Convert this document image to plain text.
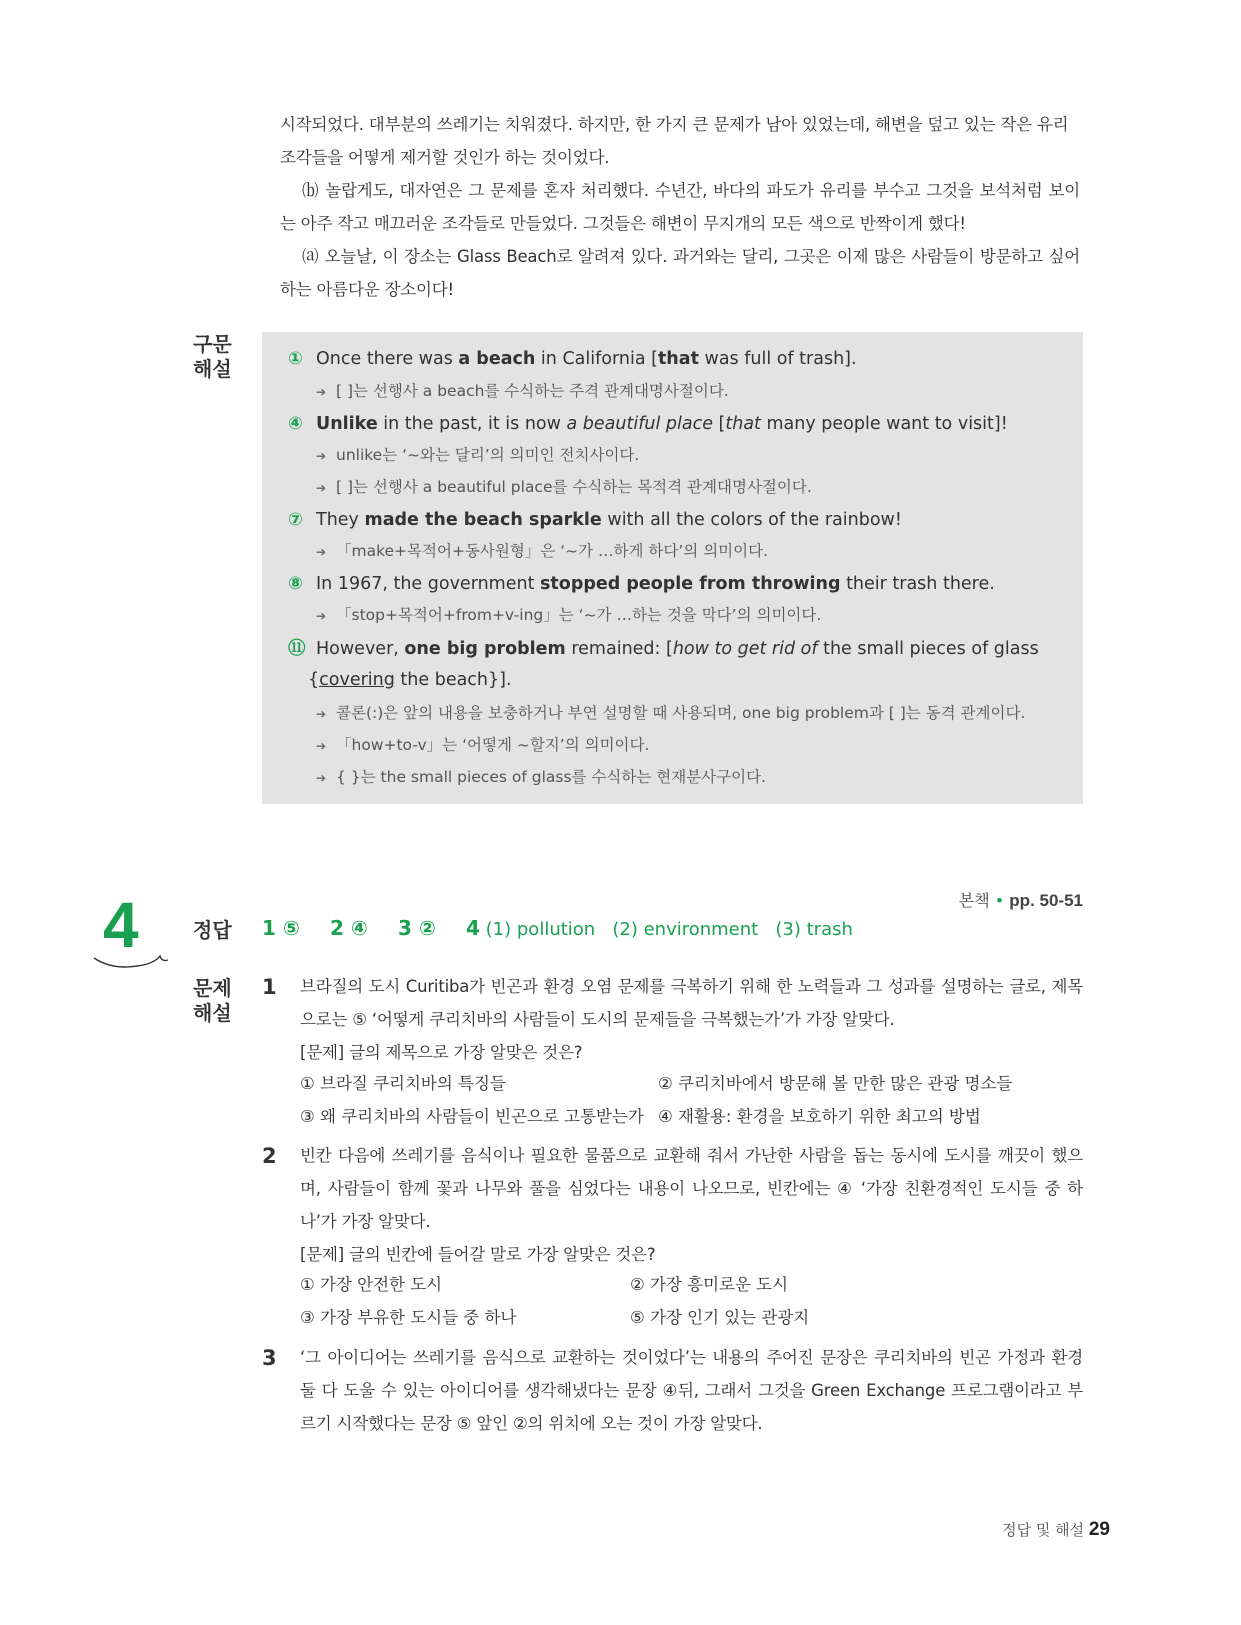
시작되었다. 대부분의 쓰레기는 치워졌다. 하지만, 한 가지 큰 문제가 남아 있었는데, 해변을 덮고 있는 작은 유리

조각들을 어떻게 제거할 것인가 하는 것이었다.

⒝ 놀랍게도, 대자연은 그 문제를 혼자 처리했다. 수년간, 바다의 파도가 유리를 부수고 그것을 보석처럼 보이는 아주 작고 매끄러운 조각들로 만들었다. 그것들은 해변이 무지개의 모든 색으로 반짝이게 했다!

⒜ 오늘날, 이 장소는 Glass Beach로 알려져 있다. 과거와는 달리, 그곳은 이제 많은 사람들이 방문하고 싶어하는 아름다운 장소이다!

구문
해설	① Once there was a beach in California [that was full of trash].
➔ [ ]는 선행사 a beach를 수식하는 주격 관계대명사절이다.
④ Unlike in the past, it is now a beautiful place [that many people want to visit]!
➔ unlike는 ‘~와는 달리’의 의미인 전치사이다.
➔ [ ]는 선행사 a beautiful place를 수식하는 목적격 관계대명사절이다.
⑦ They made the beach sparkle with all the colors of the rainbow!
➔ 「make+목적어+동사원형」은 ‘~가 …하게 하다’의 의미이다.
⑧ In 1967, the government stopped people from throwing their trash there.
➔ 「stop+목적어+from+v-ing」는 ‘~가 …하는 것을 막다’의 의미이다.
⑪ However, one big problem remained: [how to get rid of the small pieces of glass
{covering the beach}].
➔ 콜론(:)은 앞의 내용을 보충하거나 부연 설명할 때 사용되며, one big problem과 [ ]는 동격 관계이다.
➔ 「how+to-v」는 ‘어떻게 ~할지’의 의미이다.
➔ { }는 the small pieces of glass를 수식하는 현재분사구이다.
본책 • pp. 50-51
4	정답 1 ⑤ 2 ④ 3 ② 4 (1) pollution   (2) environment   (3) trash
문제
해설
1 브라질의 도시 Curitiba가 빈곤과 환경 오염 문제를 극복하기 위해 한 노력들과 그 성과를 설명하는 글로, 제목으로는 ⑤ ‘어떻게 쿠리치바의 사람들이 도시의 문제들을 극복했는가’가 가장 알맞다.

[문제] 글의 제목으로 가장 알맞은 것은?

① 브라질 쿠리치바의 특징들	② 쿠리치바에서 방문해 볼 만한 많은 관광 명소들
③ 왜 쿠리치바의 사람들이 빈곤으로 고통받는가 ④ 재활용: 환경을 보호하기 위한 최고의 방법
2 빈칸 다음에 쓰레기를 음식이나 필요한 물품으로 교환해 줘서 가난한 사람을 돕는 동시에 도시를 깨끗이 했으며, 사람들이 함께 꽃과 나무와 풀을 심었다는 내용이 나오므로, 빈칸에는 ④ ‘가장 친환경적인 도시들 중 하나’가 가장 알맞다.

[문제] 글의 빈칸에 들어갈 말로 가장 알맞은 것은?

① 가장 안전한 도시	② 가장 흥미로운 도시
③ 가장 부유한 도시들 중 하나	⑤ 가장 인기 있는 관광지
3 ‘그 아이디어는 쓰레기를 음식으로 교환하는 것이었다’는 내용의 주어진 문장은 쿠리치바의 빈곤 가정과 환경 둘 다 도울 수 있는 아이디어를 생각해냈다는 문장 ④뒤, 그래서 그것을 Green Exchange 프로그램이라고 부르기 시작했다는 문장 ⑤ 앞인 ②의 위치에 오는 것이 가장 알맞다.

정답 및 해설 29
